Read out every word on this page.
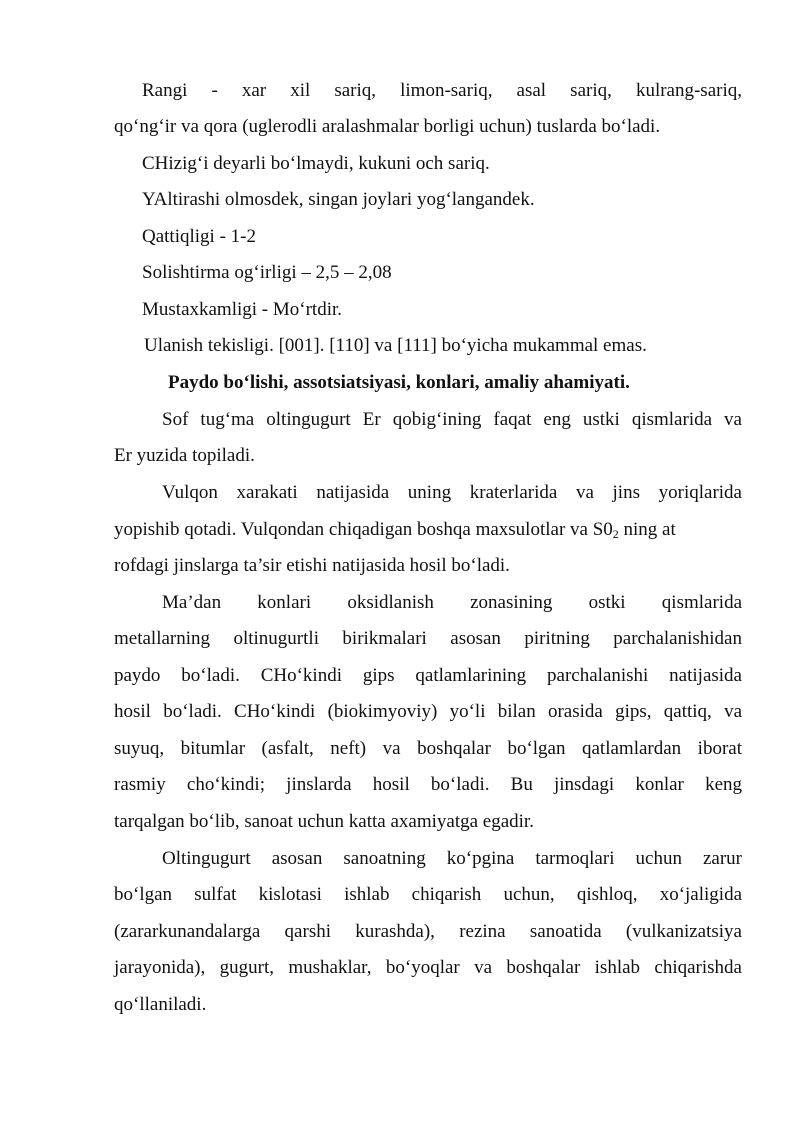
Rangi - xar xil sariq, limon-sariq, asal sariq, kulrang-sariq,
qo‘ng‘ir va qora (uglerodli aralashmalar borligi uchun) tuslarda bo‘ladi.
CHizig‘i deyarli bo‘lmaydi, kukuni och sariq.
YAltirashi olmosdek, singan joylari yog‘langandek.
Qattiqligi - 1-2
Solishtirma og‘irligi – 2,5 – 2,08
Mustaxkamligi - Mo‘rtdir.
Ulanish tekisligi. [001]. [110] va [111] bo‘yicha mukammal emas.
Paydo bo‘lishi, assotsiatsiyasi, konlari, amaliy ahamiyati.
Sof tug‘ma oltingugurt Er qobig‘ining faqat eng ustki qismlarida va
Er yuzida topiladi.
Vulqon xarakati natijasida uning kraterlarida va jins yoriqlarida
yopishib qotadi. Vulqondan chiqadigan boshqa maxsulotlar va $S0_2$ ning at
rofdagi jinslarga ta’sir etishi natijasida hosil bo‘ladi.
Ma’dan konlari oksidlanish zonasining ostki qismlarida
metallarning oltinugurtli birikmalari asosan piritning parchalanishidan
paydo bo‘ladi. CHo‘kindi gips qatlamlarining parchalanishi natijasida
hosil bo‘ladi. CHo‘kindi (biokimyoviy) yo‘li bilan orasida gips, qattiq, va
suyuq, bitumlar (asfalt, neft) va boshqalar bo‘lgan qatlamlardan iborat
rasmiy cho‘kindi; jinslarda hosil bo‘ladi. Bu jinsdagi konlar keng
tarqalgan bo‘lib, sanoat uchun katta axamiyatga egadir.
Oltingugurt asosan sanoatning ko‘pgina tarmoqlari uchun zarur
bo‘lgan sulfat kislotasi ishlab chiqarish uchun, qishloq, xo‘jaligida
(zararkunandalarga qarshi kurashda), rezina sanoatida (vulkanizatsiya
jarayonida), gugurt, mushaklar, bo‘yoqlar va boshqalar ishlab chiqarishda
qo‘llaniladi.
